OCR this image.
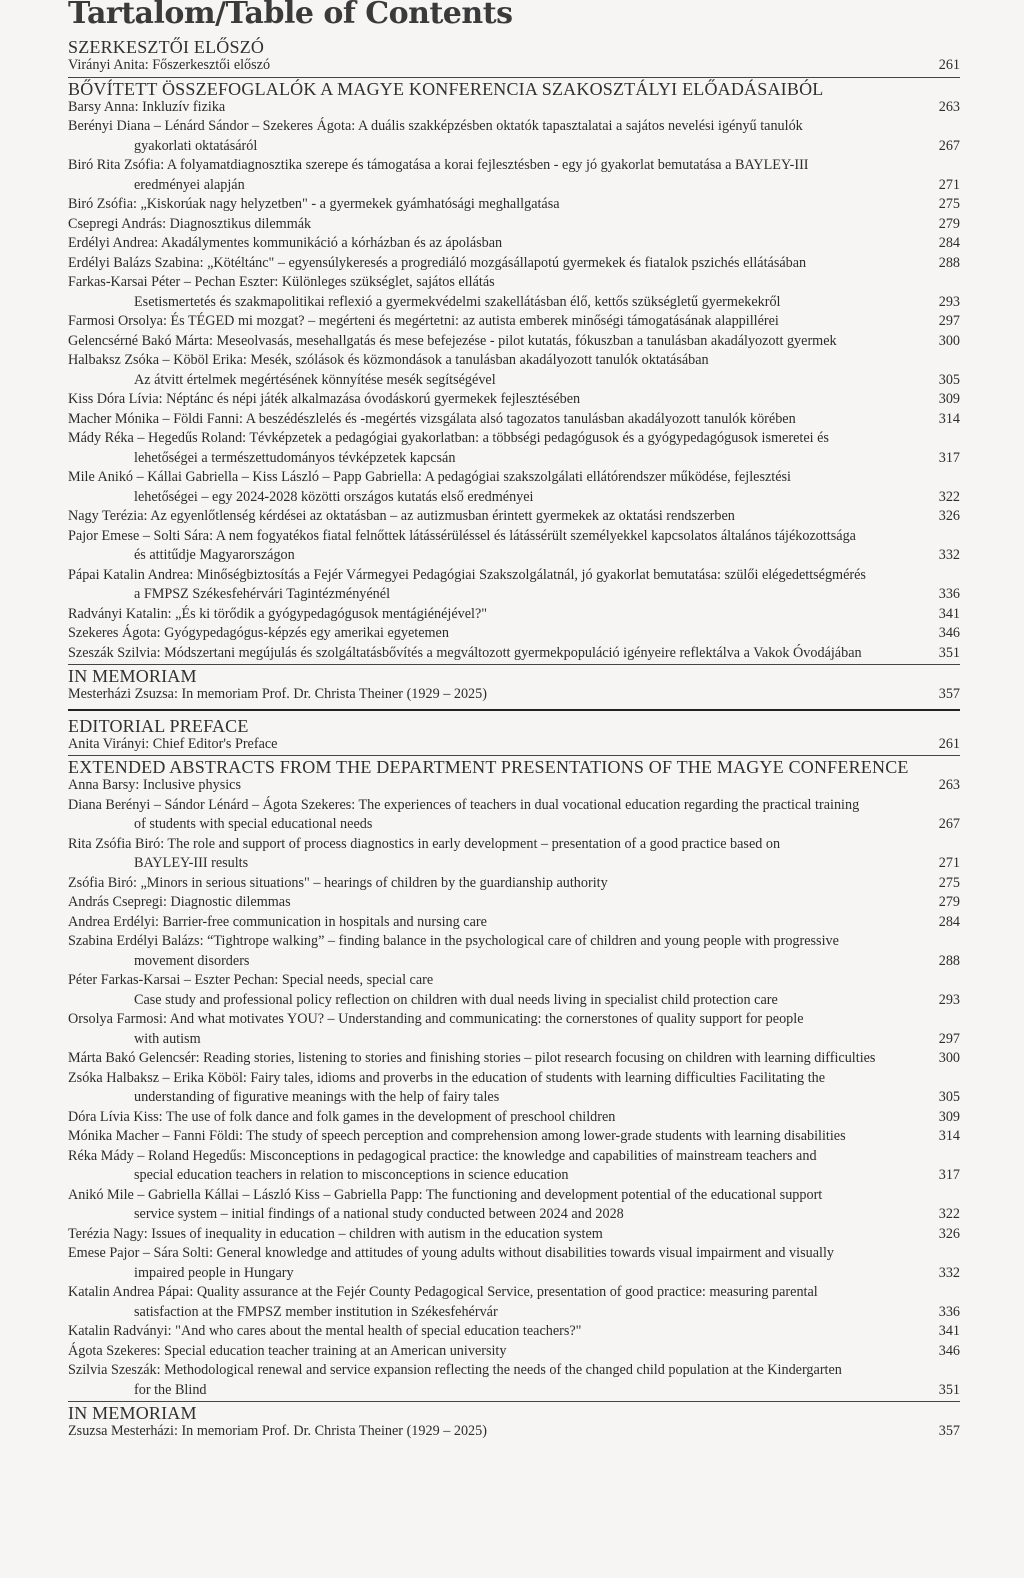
Tartalom/Table of Contents
SZERKESZTŐI ELŐSZÓ
Virányi Anita: Főszerkesztői előszó	261
BŐVÍTETT ÖSSZEFOGLALÓK A MAGYE KONFERENCIA SZAKOSZTÁLYI ELŐADÁSAIBÓL
Barsy Anna: Inkluzív fizika	263
Berényi Diana – Lénárd Sándor – Szekeres Ágota: A duális szakképzésben oktatók tapasztalatai a sajátos nevelési igényű tanulók
gyakorlati oktatásáról	267
Biró Rita Zsófia: A folyamatdiagnosztika szerepe és támogatása a korai fejlesztésben - egy jó gyakorlat bemutatása a BAYLEY-III
eredményei alapján	271
Biró Zsófia: „Kiskorúak nagy helyzetben" - a gyermekek gyámhatósági meghallgatása	275
Csepregi András: Diagnosztikus dilemmák	279
Erdélyi Andrea: Akadálymentes kommunikáció a kórházban és az ápolásban	284
Erdélyi Balázs Szabina: „Kötéltánc" – egyensúlykeresés a progrediáló mozgásállapotú gyermekek és fiatalok pszichés ellátásában	288
Farkas-Karsai Péter – Pechan Eszter: Különleges szükséglet, sajátos ellátás
Esetismertetés és szakmapolitikai reflexió a gyermekvédelmi szakellátásban élő, kettős szükségletű gyermekekről	293
Farmosi Orsolya: És TÉGED mi mozgat? – megérteni és megértetni: az autista emberek minőségi támogatásának alappillérei	297
Gelencsérné Bakó Márta: Meseolvasás, mesehallgatás és mese befejezése - pilot kutatás, fókuszban a tanulásban akadályozott gyermek	300
Halbaksz Zsóka – Köböl Erika: Mesék, szólások és közmondások a tanulásban akadályozott tanulók oktatásában
Az átvitt értelmek megértésének könnyítése mesék segítségével	305
Kiss Dóra Lívia: Néptánc és népi játék alkalmazása óvodáskorú gyermekek fejlesztésében	309
Macher Mónika – Földi Fanni: A beszédészlelés és -megértés vizsgálata alsó tagozatos tanulásban akadályozott tanulók körében	314
Mády Réka – Hegedűs Roland: Tévképzetek a pedagógiai gyakorlatban: a többségi pedagógusok és a gyógypedagógusok ismeretei és
lehetőségei a természettudományos tévképzetek kapcsán	317
Mile Anikó – Kállai Gabriella – Kiss László – Papp Gabriella: A pedagógiai szakszolgálati ellátórendszer működése, fejlesztési
lehetőségei – egy 2024-2028 közötti országos kutatás első eredményei	322
Nagy Terézia: Az egyenlőtlenség kérdései az oktatásban – az autizmusban érintett gyermekek az oktatási rendszerben	326
Pajor Emese – Solti Sára: A nem fogyatékos fiatal felnőttek látássérüléssel és látássérült személyekkel kapcsolatos általános tájékozottsága
és attitűdje Magyarországon	332
Pápai Katalin Andrea: Minőségbiztosítás a Fejér Vármegyei Pedagógiai Szakszolgálatnál, jó gyakorlat bemutatása: szülői elégedettségmérés
a FMPSZ Székesfehérvári Tagintézményénél	336
Radványi Katalin: „És ki törődik a gyógypedagógusok mentágiénéjével?"	341
Szekeres Ágota: Gyógypedagógus-képzés egy amerikai egyetemen	346
Szeszák Szilvia: Módszertani megújulás és szolgáltatásbővítés a megváltozott gyermekpopuláció igényeire reflektálva a Vakok Óvodájában	351
IN MEMORIAM
Mesterházi Zsuzsa: In memoriam Prof. Dr. Christa Theiner (1929 – 2025)	357
EDITORIAL PREFACE
Anita Virányi: Chief Editor's Preface	261
EXTENDED ABSTRACTS FROM THE DEPARTMENT PRESENTATIONS OF THE MAGYE CONFERENCE
Anna Barsy: Inclusive physics	263
Diana Berényi – Sándor Lénárd – Ágota Szekeres: The experiences of teachers in dual vocational education regarding the practical training
of students with special educational needs	267
Rita Zsófia Biró: The role and support of process diagnostics in early development – presentation of a good practice based on
BAYLEY-III results	271
Zsófia Biró: „Minors in serious situations" – hearings of children by the guardianship authority	275
András Csepregi: Diagnostic dilemmas	279
Andrea Erdélyi: Barrier-free communication in hospitals and nursing care	284
Szabina Erdélyi Balázs: “Tightrope walking” – finding balance in the psychological care of children and young people with progressive
movement disorders	288
Péter Farkas-Karsai – Eszter Pechan: Special needs, special care
Case study and professional policy reflection on children with dual needs living in specialist child protection care	293
Orsolya Farmosi: And what motivates YOU? – Understanding and communicating: the cornerstones of quality support for people
with autism	297
Márta Bakó Gelencsér: Reading stories, listening to stories and finishing stories – pilot research focusing on children with learning difficulties	300
Zsóka Halbaksz – Erika Köböl: Fairy tales, idioms and proverbs in the education of students with learning difficulties Facilitating the
understanding of figurative meanings with the help of fairy tales	305
Dóra Lívia Kiss: The use of folk dance and folk games in the development of preschool children	309
Mónika Macher – Fanni Földi: The study of speech perception and comprehension among lower-grade students with learning disabilities	314
Réka Mády – Roland Hegedűs: Misconceptions in pedagogical practice: the knowledge and capabilities of mainstream teachers and
special education teachers in relation to misconceptions in science education	317
Anikó Mile – Gabriella Kállai – László Kiss – Gabriella Papp: The functioning and development potential of the educational support
service system – initial findings of a national study conducted between 2024 and 2028	322
Terézia Nagy: Issues of inequality in education – children with autism in the education system	326
Emese Pajor – Sára Solti: General knowledge and attitudes of young adults without disabilities towards visual impairment and visually
impaired people in Hungary	332
Katalin Andrea Pápai: Quality assurance at the Fejér County Pedagogical Service, presentation of good practice: measuring parental
satisfaction at the FMPSZ member institution in Székesfehérvár	336
Katalin Radványi: "And who cares about the mental health of special education teachers?"	341
Ágota Szekeres: Special education teacher training at an American university	346
Szilvia Szeszák: Methodological renewal and service expansion reflecting the needs of the changed child population at the Kindergarten
for the Blind	351
IN MEMORIAM
Zsuzsa Mesterházi: In memoriam Prof. Dr. Christa Theiner (1929 – 2025)	357
